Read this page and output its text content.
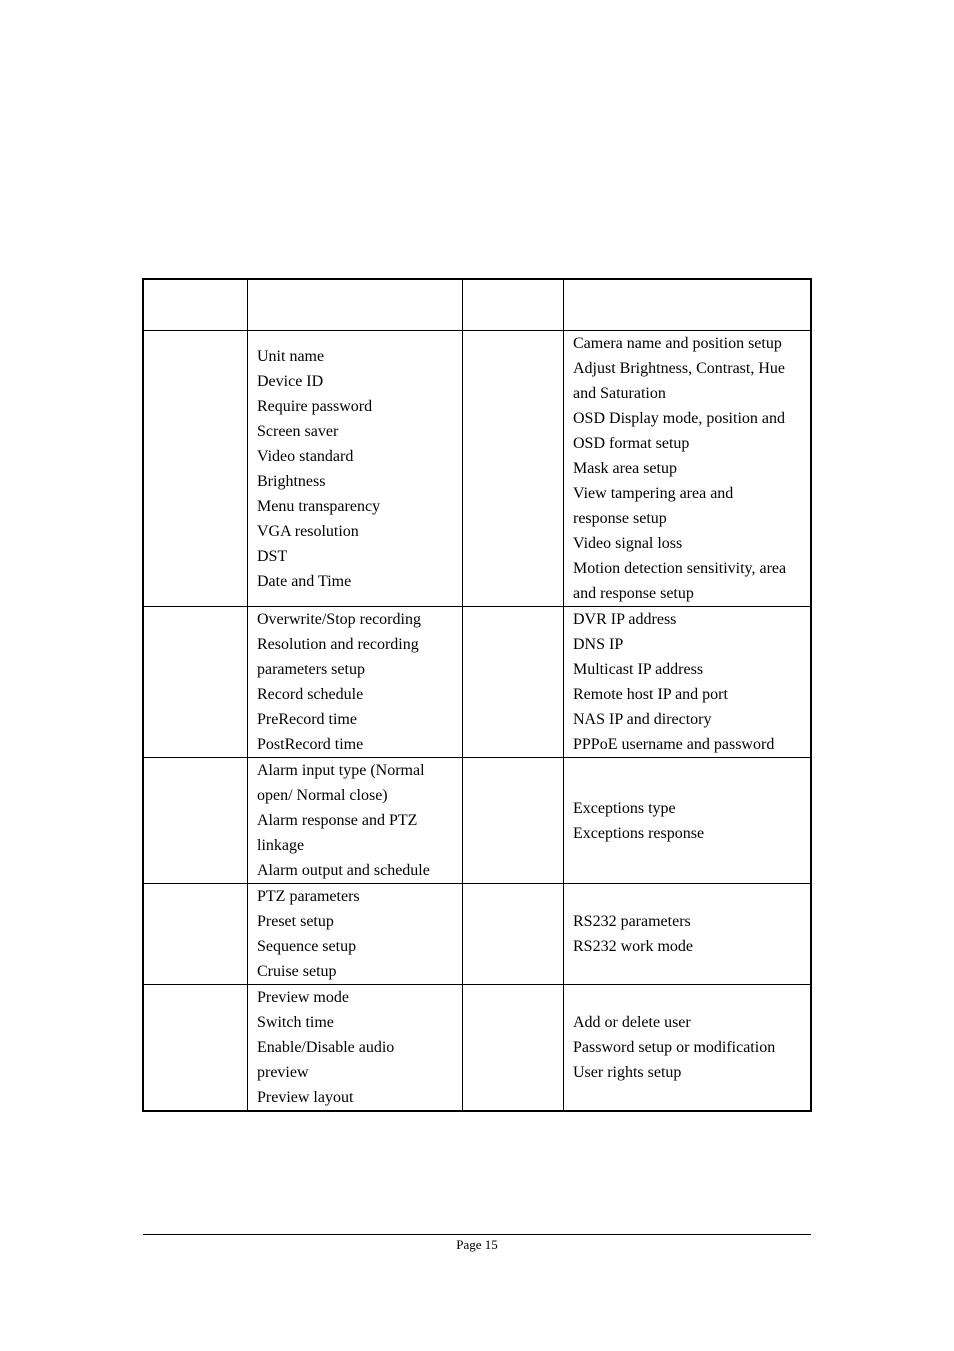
Unit name
Device ID
Require password
Screen saver
Video standard
Brightness
Menu transparency
VGA resolution
DST
Date and Time
Camera name and position setup
Adjust Brightness, Contrast, Hue
and Saturation
OSD Display mode, position and
OSD format setup
Mask area setup
View tampering area and
response setup
Video signal loss
Motion detection sensitivity, area
and response setup
Overwrite/Stop recording
Resolution and recording
parameters setup
Record schedule
PreRecord time
PostRecord time
DVR IP address
DNS IP
Multicast IP address
Remote host IP and port
NAS IP and directory
PPPoE username and password
Alarm input type (Normal
open/ Normal close)
Alarm response and PTZ
linkage
Alarm output and schedule
Exceptions type
Exceptions response
PTZ parameters
Preset setup
Sequence setup
Cruise setup
RS232 parameters
RS232 work mode
Preview mode
Switch time
Enable/Disable audio
preview
Preview layout
Add or delete user
Password setup or modification
User rights setup
Page 15
